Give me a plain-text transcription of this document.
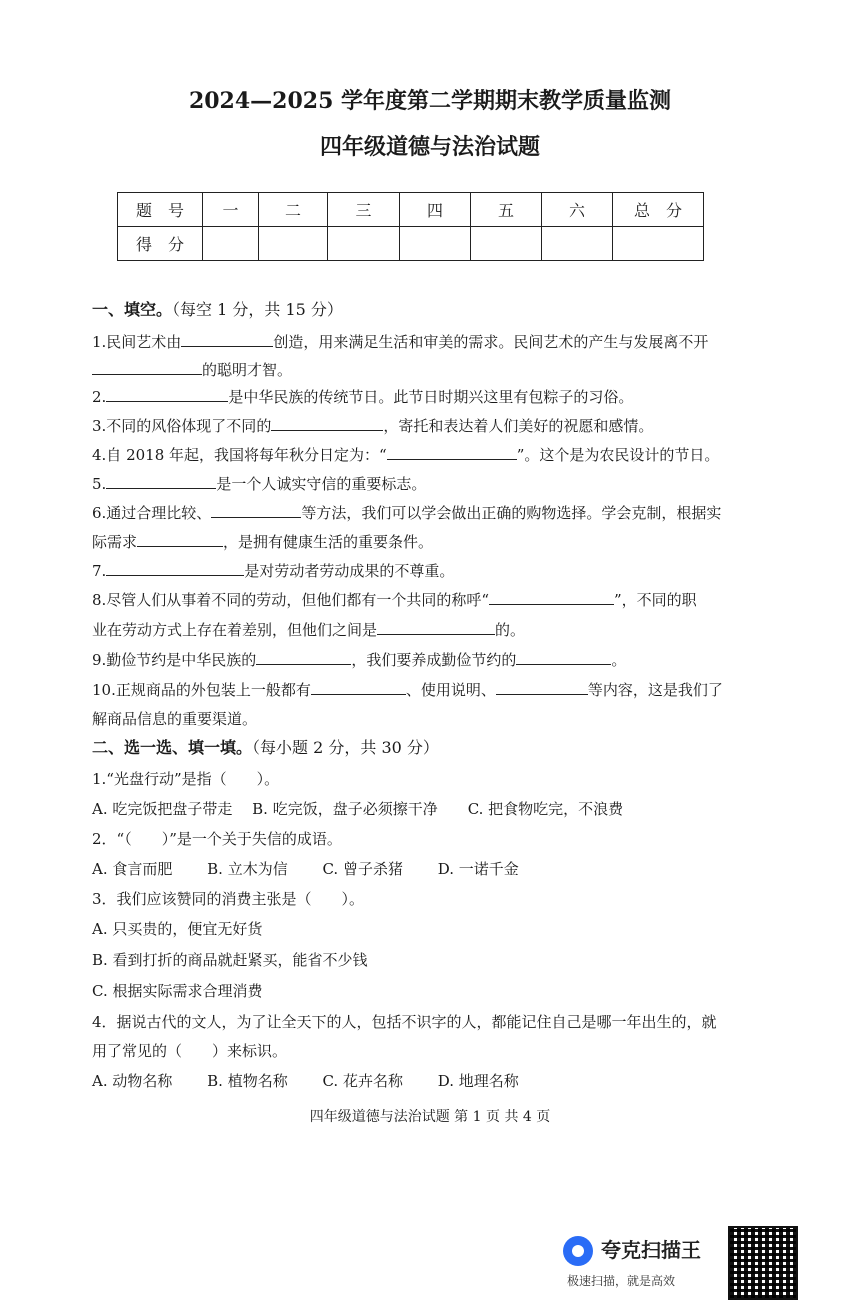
2024—2025 学年度第二学期期末教学质量监测
四年级道德与法治试题
题　号	一	二	三	四	五	六	总　分
得　分							
一、填空。（每空 1 分，共 15 分）
1.民间艺术由	创造，用来满足生活和审美的需求。民间艺术的产生与发展离不开
的聪明才智。
2.	是中华民族的传统节日。此节日时期兴这里有包粽子的习俗。
3.不同的风俗体现了不同的	，寄托和表达着人们美好的祝愿和感情。
4.自 2018 年起，我国将每年秋分日定为：“	”。这个是为农民设计的节日。
5.	是一个人诚实守信的重要标志。
6.通过合理比较、	等方法，我们可以学会做出正确的购物选择。学会克制，根据实
际需求	，是拥有健康生活的重要条件。
7.	是对劳动者劳动成果的不尊重。
8.尽管人们从事着不同的劳动，但他们都有一个共同的称呼“	”，不同的职
业在劳动方式上存在着差别，但他们之间是	的。
9.勤俭节约是中华民族的	，我们要养成勤俭节约的	。
10.正规商品的外包装上一般都有	、使用说明、	等内容，这是我们了
解商品信息的重要渠道。
二、选一选、填一填。（每小题 2 分，共 30 分）
1.“光盘行动”是指（　　）。
A. 吃完饭把盘子带走　 B. 吃完饭，盘子必须擦干净　　C. 把食物吃完，不浪费
2．“（　　）”是一个关于失信的成语。
A. 食言而肥　　 B. 立木为信　　 C. 曾子杀猪　　 D. 一诺千金
3．我们应该赞同的消费主张是（　　）。
A. 只买贵的，便宜无好货
B. 看到打折的商品就赶紧买，能省不少钱
C. 根据实际需求合理消费
4．据说古代的文人，为了让全天下的人，包括不识字的人，都能记住自己是哪一年出生的，就
用了常见的（　　）来标识。
A. 动物名称　　 B. 植物名称　　 C. 花卉名称　　 D. 地理名称
四年级道德与法治试题 第 1 页 共 4 页
夸克扫描王
极速扫描，就是高效
